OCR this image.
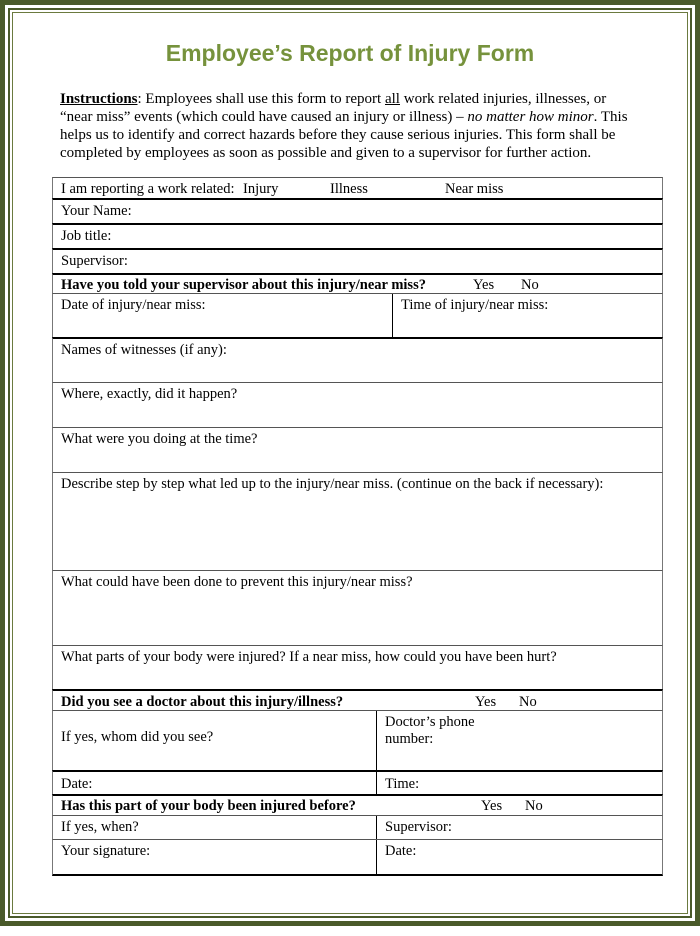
Employee’s Report of Injury Form
Instructions: Employees shall use this form to report all work related injuries, illnesses, or “near miss” events (which could have caused an injury or illness) – no matter how minor. This helps us to identify and correct hazards before they cause serious injuries. This form shall be completed by employees as soon as possible and given to a supervisor for further action.
I am reporting a work related: Injury	Illness	Near miss
Your Name:
Job title:
Supervisor:
Have you told your supervisor about this injury/near miss?	Yes No
Date of injury/near miss:	Time of injury/near miss:
Names of witnesses (if any):
Where, exactly, did it happen?
What were you doing at the time?
Describe step by step what led up to the injury/near miss. (continue on the back if necessary):
What could have been done to prevent this injury/near miss?
What parts of your body were injured? If a near miss, how could you have been hurt?
Did you see a doctor about this injury/illness?	Yes No
If yes, whom did you see?
Doctor’s phone
number:
Date:	Time:
Has this part of your body been injured before?	Yes No
If yes, when?	Supervisor:
Your signature:	Date:
